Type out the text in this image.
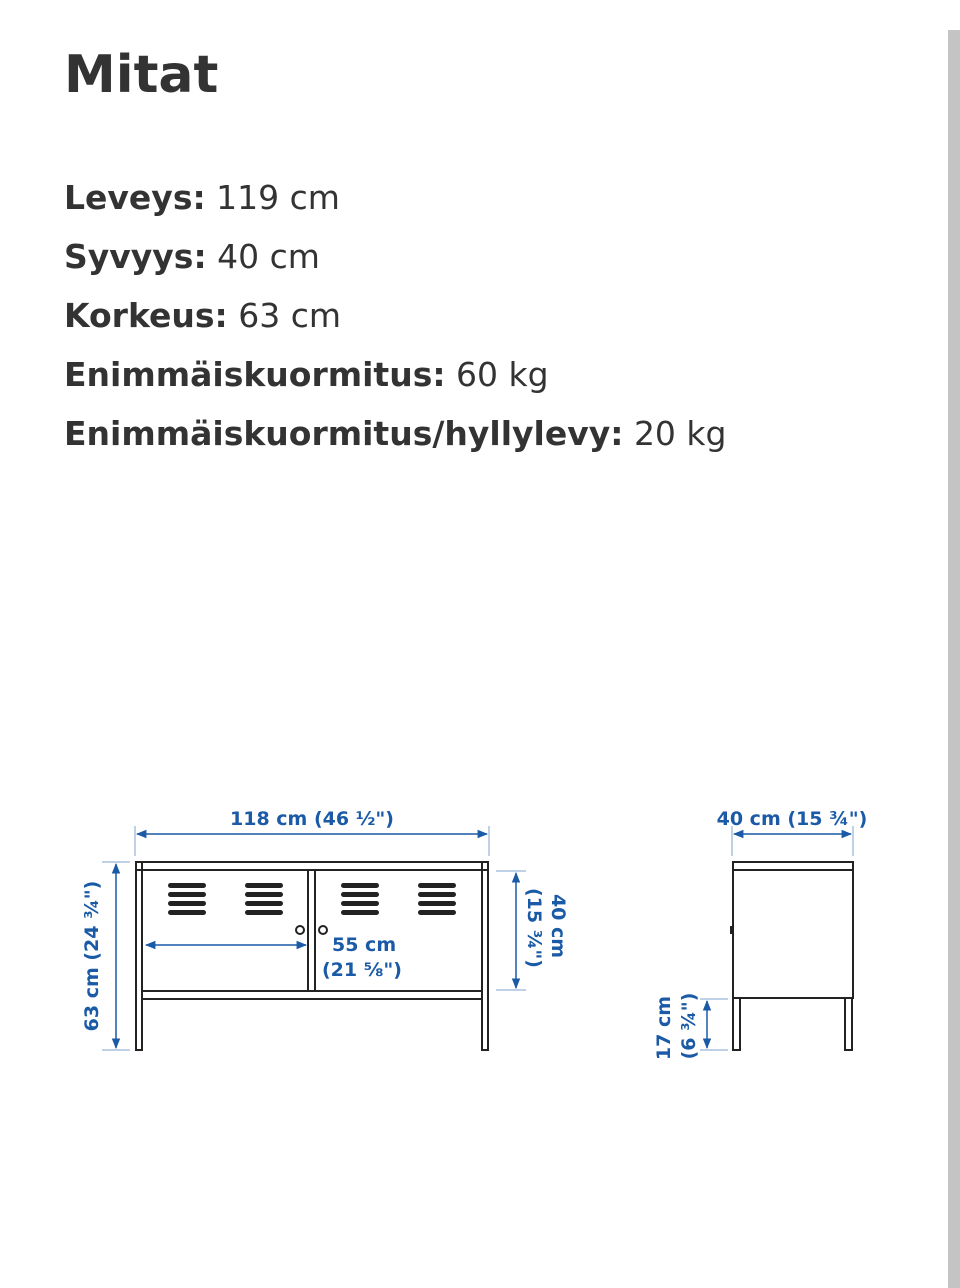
Mitat
Leveys: 119 cm
Syvyys: 40 cm
Korkeus: 63 cm
Enimmäiskuormitus: 60 kg
Enimmäiskuormitus/hyllylevy: 20 kg
118 cm (46 ½")
63 cm (24 ¾")	55 cm
(21 ⅝")
40 cm
(15 ¾")
40 cm (15 ¾")
17 cm (6 ¾")
